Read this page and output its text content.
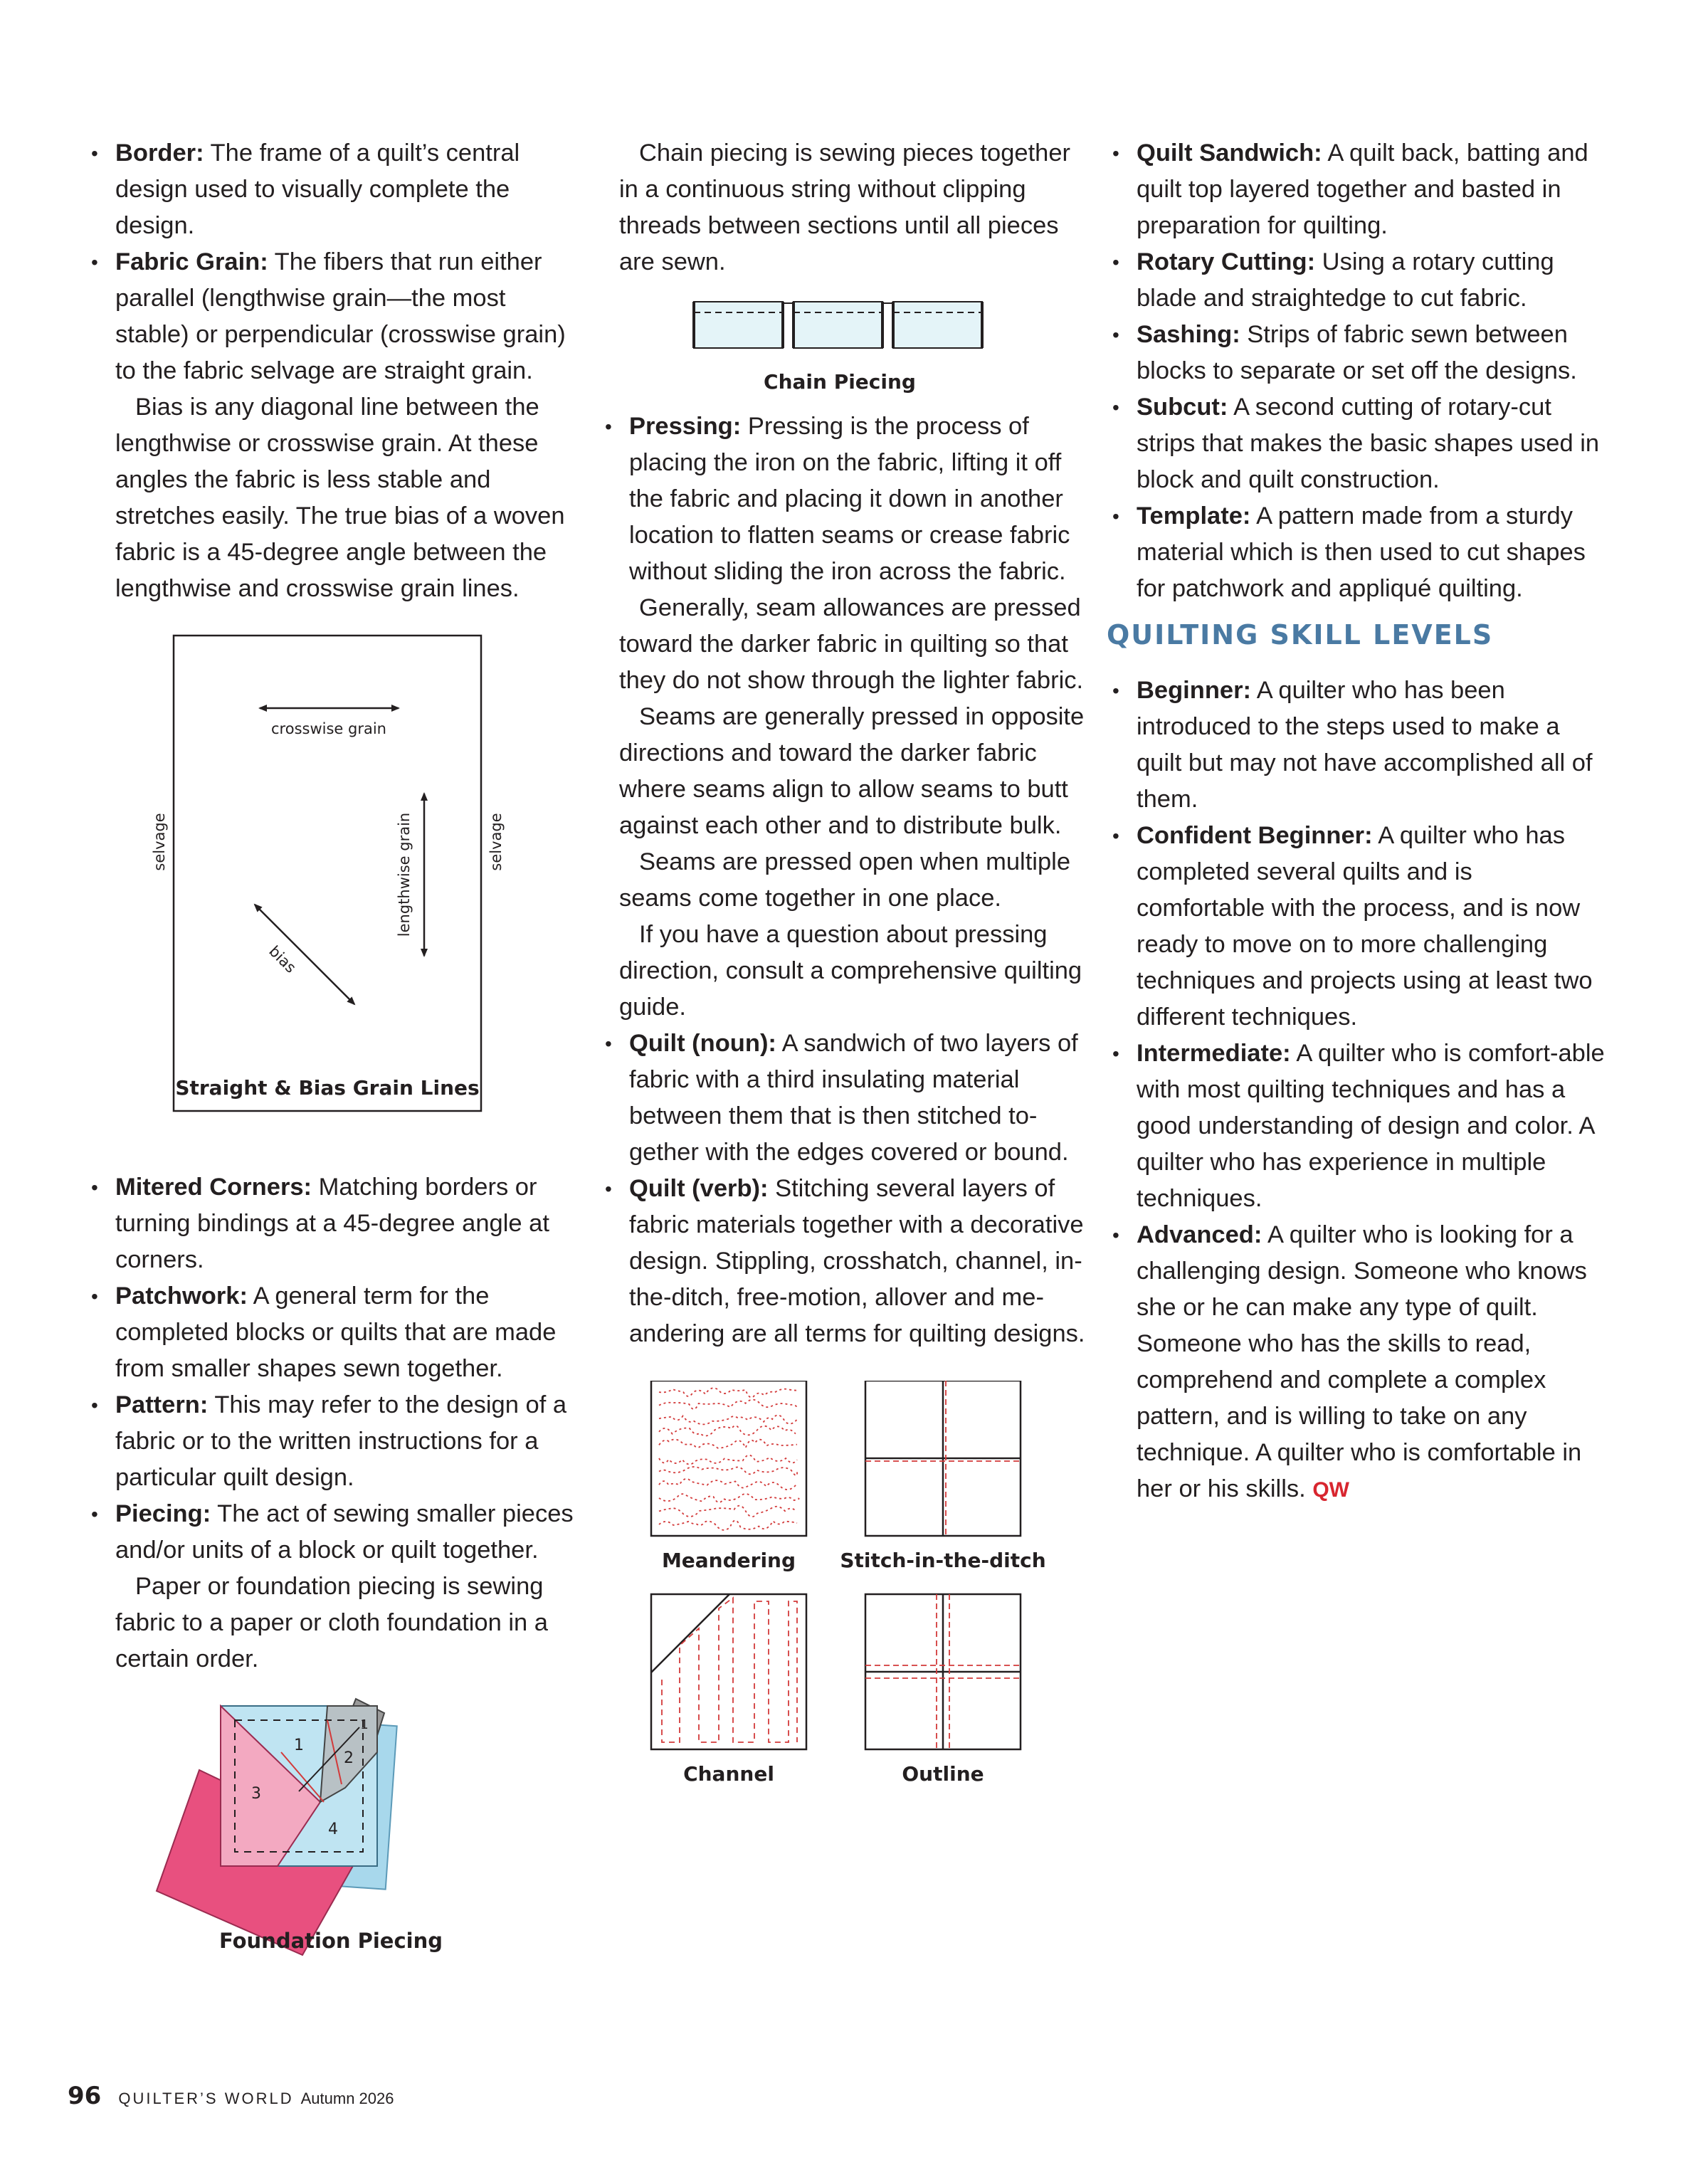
• Border: The frame of a quilt’s central design used to visually complete the design.
• Fabric Grain: The fibers that run either parallel (lengthwise grain—the most stable) or perpendicular (crosswise grain) to the fabric selvage are straight grain.

Bias is any diagonal line between the lengthwise or crosswise grain. At these angles the fabric is less stable and stretches easily. The true bias of a woven fabric is a 45-degree angle between the lengthwise and crosswise grain lines.

crosswise grain
lengthwise grain
selvage	selvage
bias
Straight & Bias Grain Lines
• Mitered Corners: Matching borders or turning bindings at a 45-degree angle at corners.
• Patchwork: A general term for the completed blocks or quilts that are made from smaller shapes sewn together.
• Pattern: This may refer to the design of a fabric or to the written instructions for a particular quilt design.
• Piecing: The act of sewing smaller pieces and/or units of a block or quilt together.

Paper or foundation piecing is sewing fabric to a paper or cloth foundation in a certain order.

1
2
3
4
1
Foundation Piecing

Chain piecing is sewing pieces together in a continuous string without clipping threads between sections until all pieces are sewn.

Chain Piecing
• Pressing: Pressing is the process of placing the iron on the fabric, lifting it off the fabric and placing it down in another location to flatten seams or crease fabric without sliding the iron across the fabric.

Generally, seam allowances are pressed toward the darker fabric in quilting so that they do not show through the lighter fabric.

Seams are generally pressed in opposite directions and toward the darker fabric where seams align to allow seams to butt against each other and to distribute bulk.

Seams are pressed open when multiple seams come together in one place.

If you have a question about pressing direction, consult a comprehensive quilting guide.

• Quilt (noun): A sandwich of two layers of fabric with a third insulating material between them that is then stitched to-gether with the edges covered or bound.
• Quilt (verb): Stitching several layers of fabric materials together with a decorative design. Stippling, crosshatch, channel, in-the-ditch, free-motion, allover and me-andering are all terms for quilting designs.
Meandering Stitch-in-the-ditch
Channel	Outline
• Quilt Sandwich: A quilt back, batting and quilt top layered together and basted in preparation for quilting.
• Rotary Cutting: Using a rotary cutting blade and straightedge to cut fabric.
• Sashing: Strips of fabric sewn between blocks to separate or set off the designs.
• Subcut: A second cutting of rotary-cut strips that makes the basic shapes used in block and quilt construction.
• Template: A pattern made from a sturdy material which is then used to cut shapes for patchwork and appliqué quilting.
QUILTING SKILL LEVELS
• Beginner: A quilter who has been introduced to the steps used to make a quilt but may not have accomplished all of them.
• Confident Beginner: A quilter who has completed several quilts and is comfortable with the process, and is now ready to move on to more challenging techniques and projects using at least two different techniques.
• Intermediate: A quilter who is comfort-able with most quilting techniques and has a good understanding of design and color. A quilter who has experience in multiple techniques.
• Advanced: A quilter who is looking for a challenging design. Someone who knows she or he can make any type of quilt. Someone who has the skills to read, comprehend and complete a complex pattern, and is willing to take on any technique. A quilter who is comfortable in her or his skills. QW
96 QUILTER’S WORLD Autumn 2026
